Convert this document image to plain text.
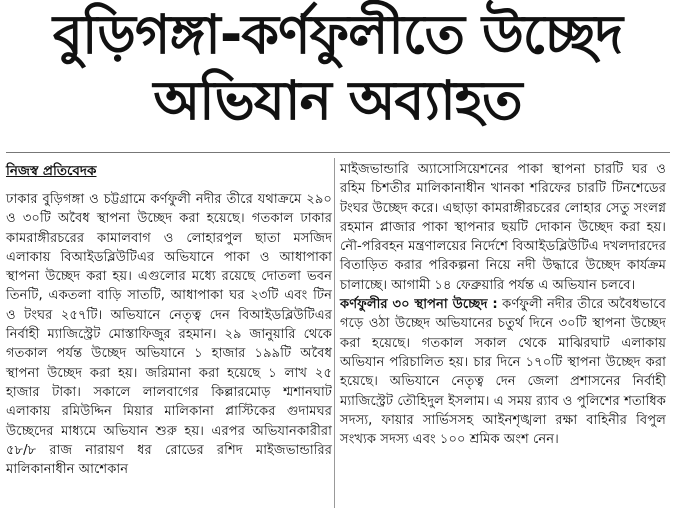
বুড়িগঙ্গা-কর্ণফুলীতে উচ্ছেদ
অভিযান অব্যাহত
নিজস্ব প্রতিবেদক

ঢাকার বুড়িগঙ্গা ও চট্টগ্রামে কর্ণফুলী নদীর তীরে যথাক্রমে ২৯০ ও ৩০টি অবৈধ স্থাপনা উচ্ছেদ করা হয়েছে। গতকাল ঢাকার কামরাঙ্গীরচরের কামালবাগ ও লোহারপুল ছাতা মসজিদ এলাকায় বিআইডব্লিউটিএর অভিযানে পাকা ও আধাপাকা স্থাপনা উচ্ছেদ করা হয়। এগুলোর মধ্যে রয়েছে দোতলা ভবন তিনটি, একতলা বাড়ি সাতটি, আধাপাকা ঘর ২৩টি এবং টিন ও টংঘর ২৫৭টি। অভিযানে নেতৃত্ব দেন বিআইডব্লিউটিএর নির্বাহী ম্যাজিস্ট্রেট মোস্তাফিজুর রহমান। ২৯ জানুয়ারি থেকে গতকাল পর্যন্ত উচ্ছেদ অভিযানে ১ হাজার ১৯৯টি অবৈধ স্থাপনা উচ্ছেদ করা হয়। জরিমানা করা হয়েছে ১ লাখ ২৫ হাজার টাকা। সকালে লালবাগের কিল্লারমোড় শ্মশানঘাট এলাকায় রমিউদ্দিন মিয়ার মালিকানা প্লাস্টিকের গুদামঘর উচ্ছেদের মাধ্যমে অভিযান শুরু হয়। এরপর অভিযানকারীরা ৫৮/৮ রাজ নারায়ণ ধর রোডের রশিদ মাইজভান্ডারির মালিকানাধীন আশেকান

মাইজভান্ডারি অ্যাসোসিয়েশনের পাকা স্থাপনা চারটি ঘর ও রহিম চিশতীর মালিকানাধীন খানকা শরিফের চারটি টিনশেডের টংঘর উচ্ছেদ করে। এছাড়া কামরাঙ্গীরচরের লোহার সেতু সংলগ্ন রহমান প্লাজার পাকা স্থাপনার ছয়টি দোকান উচ্ছেদ করা হয়। নৌ-পরিবহন মন্ত্রণালয়ের নির্দেশে বিআইডব্লিউটিএ দখলদারদের বিতাড়িত করার পরিকল্পনা নিয়ে নদী উদ্ধারে উচ্ছেদ কার্যক্রম চালাচ্ছে। আগামী ১৪ ফেব্রুয়ারি পর্যন্ত এ অভিযান চলবে।

কর্ণফুলীর ৩০ স্থাপনা উচ্ছেদ : কর্ণফুলী নদীর তীরে অবৈধভাবে গড়ে ওঠা উচ্ছেদ অভিযানের চতুর্থ দিনে ৩০টি স্থাপনা উচ্ছেদ করা হয়েছে। গতকাল সকাল থেকে মাঝিরঘাট এলাকায় অভিযান পরিচালিত হয়। চার দিনে ১৭০টি স্থাপনা উচ্ছেদ করা হয়েছে। অভিযানে নেতৃত্ব দেন জেলা প্রশাসনের নির্বাহী ম্যাজিস্ট্রেট তৌহিদুল ইসলাম। এ সময় র‍্যাব ও পুলিশের শতাধিক সদস্য, ফায়ার সার্ভিসসহ আইনশৃঙ্খলা রক্ষা বাহিনীর বিপুল সংখ্যক সদস্য এবং ১০০ শ্রমিক অংশ নেন।
